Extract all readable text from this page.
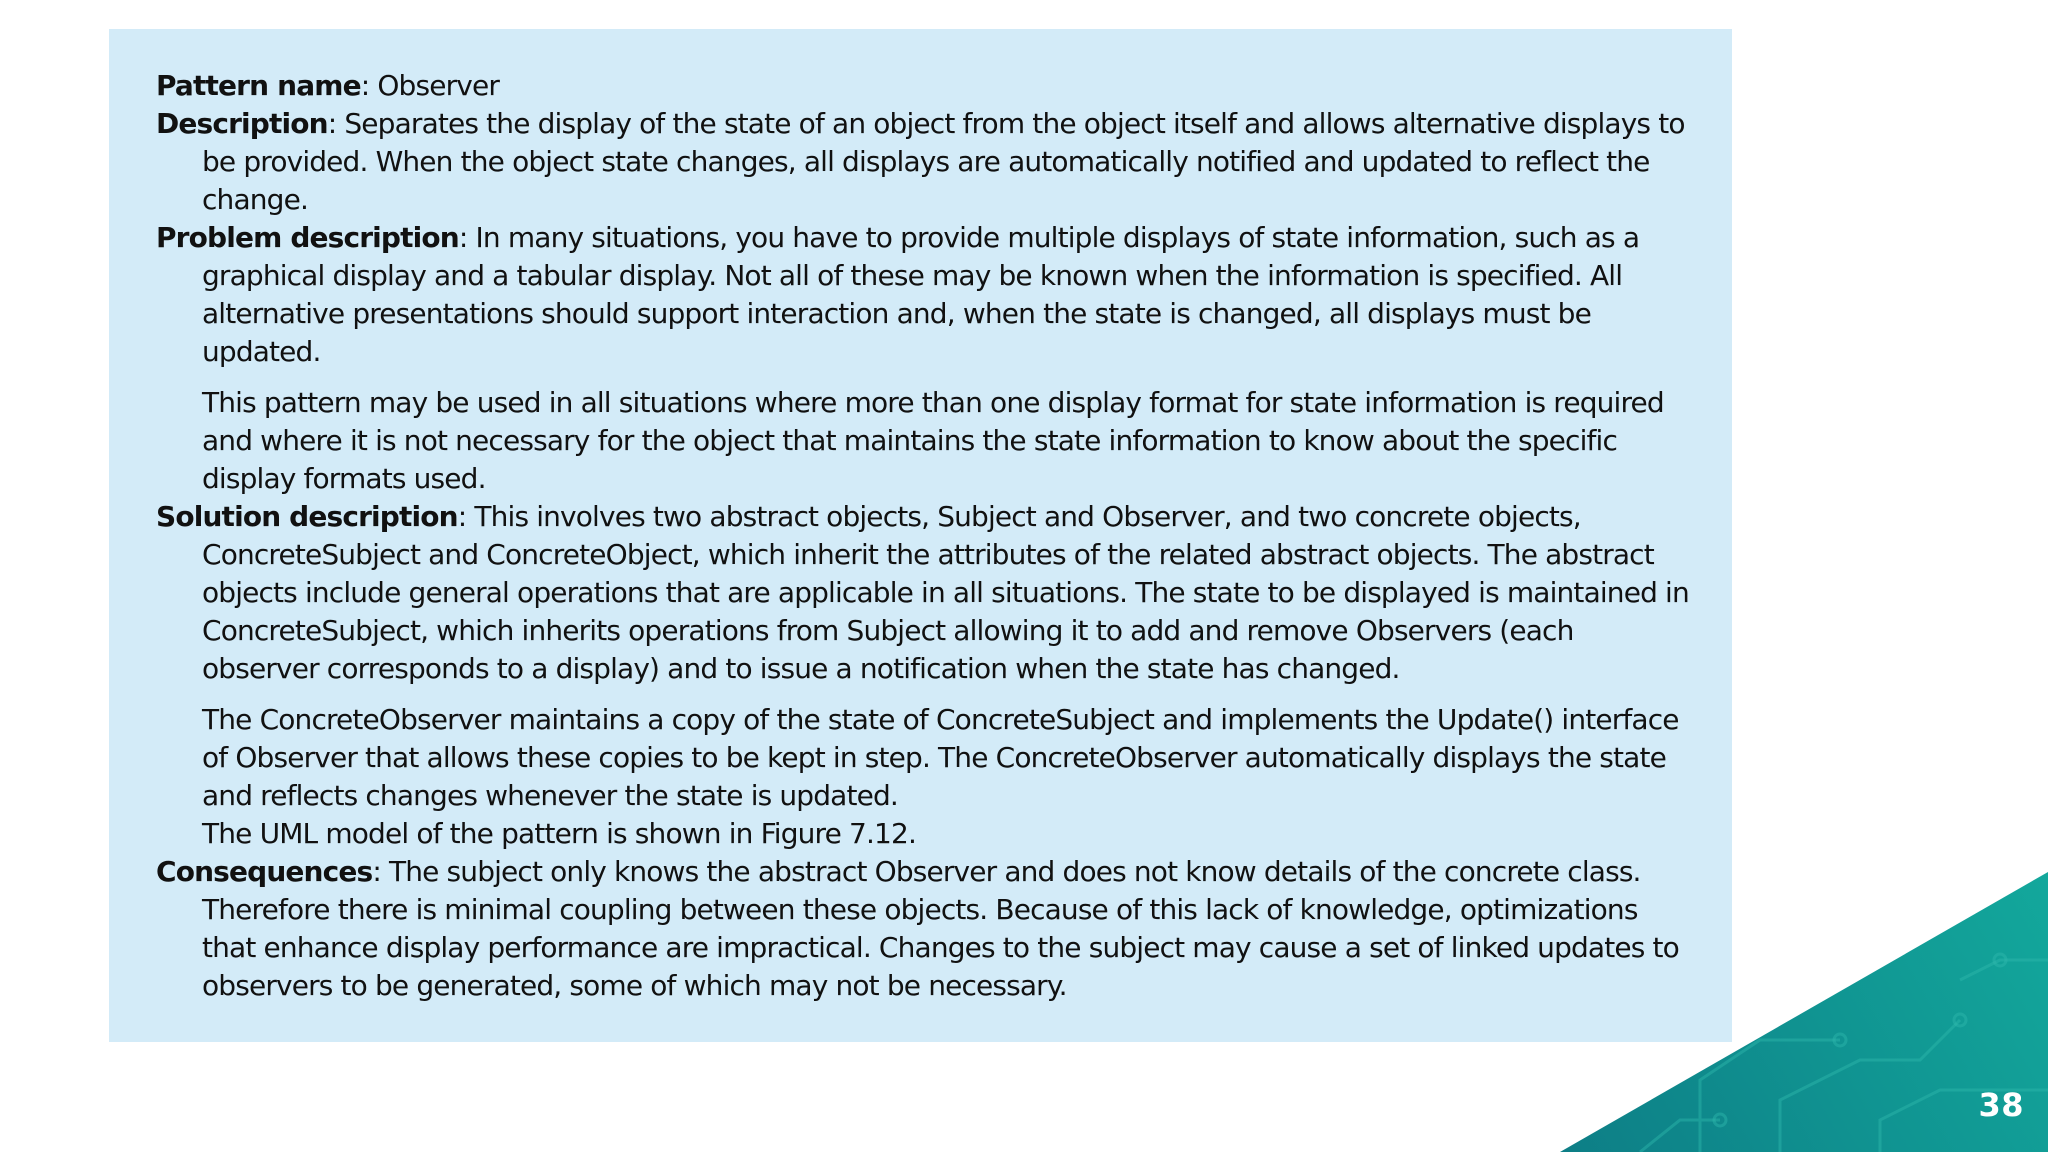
Pattern name: Observer

Description: Separates the display of the state of an object from the object itself and allows alternative displays to be provided. When the object state changes, all displays are automatically notified and updated to reflect the change.

Problem description: In many situations, you have to provide multiple displays of state information, such as a graphical display and a tabular display. Not all of these may be known when the information is specified. All alternative presentations should support interaction and, when the state is changed, all displays must be updated.

This pattern may be used in all situations where more than one display format for state information is required and where it is not necessary for the object that maintains the state information to know about the specific display formats used.

Solution description: This involves two abstract objects, Subject and Observer, and two concrete objects, ConcreteSubject and ConcreteObject, which inherit the attributes of the related abstract objects. The abstract objects include general operations that are applicable in all situations. The state to be displayed is maintained in ConcreteSubject, which inherits operations from Subject allowing it to add and remove Observers (each observer corresponds to a display) and to issue a notification when the state has changed.

The ConcreteObserver maintains a copy of the state of ConcreteSubject and implements the Update() interface of Observer that allows these copies to be kept in step. The ConcreteObserver automatically displays the state and reflects changes whenever the state is updated.

The UML model of the pattern is shown in Figure 7.12.

Consequences: The subject only knows the abstract Observer and does not know details of the concrete class. Therefore there is minimal coupling between these objects. Because of this lack of knowledge, optimizations that enhance display performance are impractical. Changes to the subject may cause a set of linked updates to observers to be generated, some of which may not be necessary.

38
